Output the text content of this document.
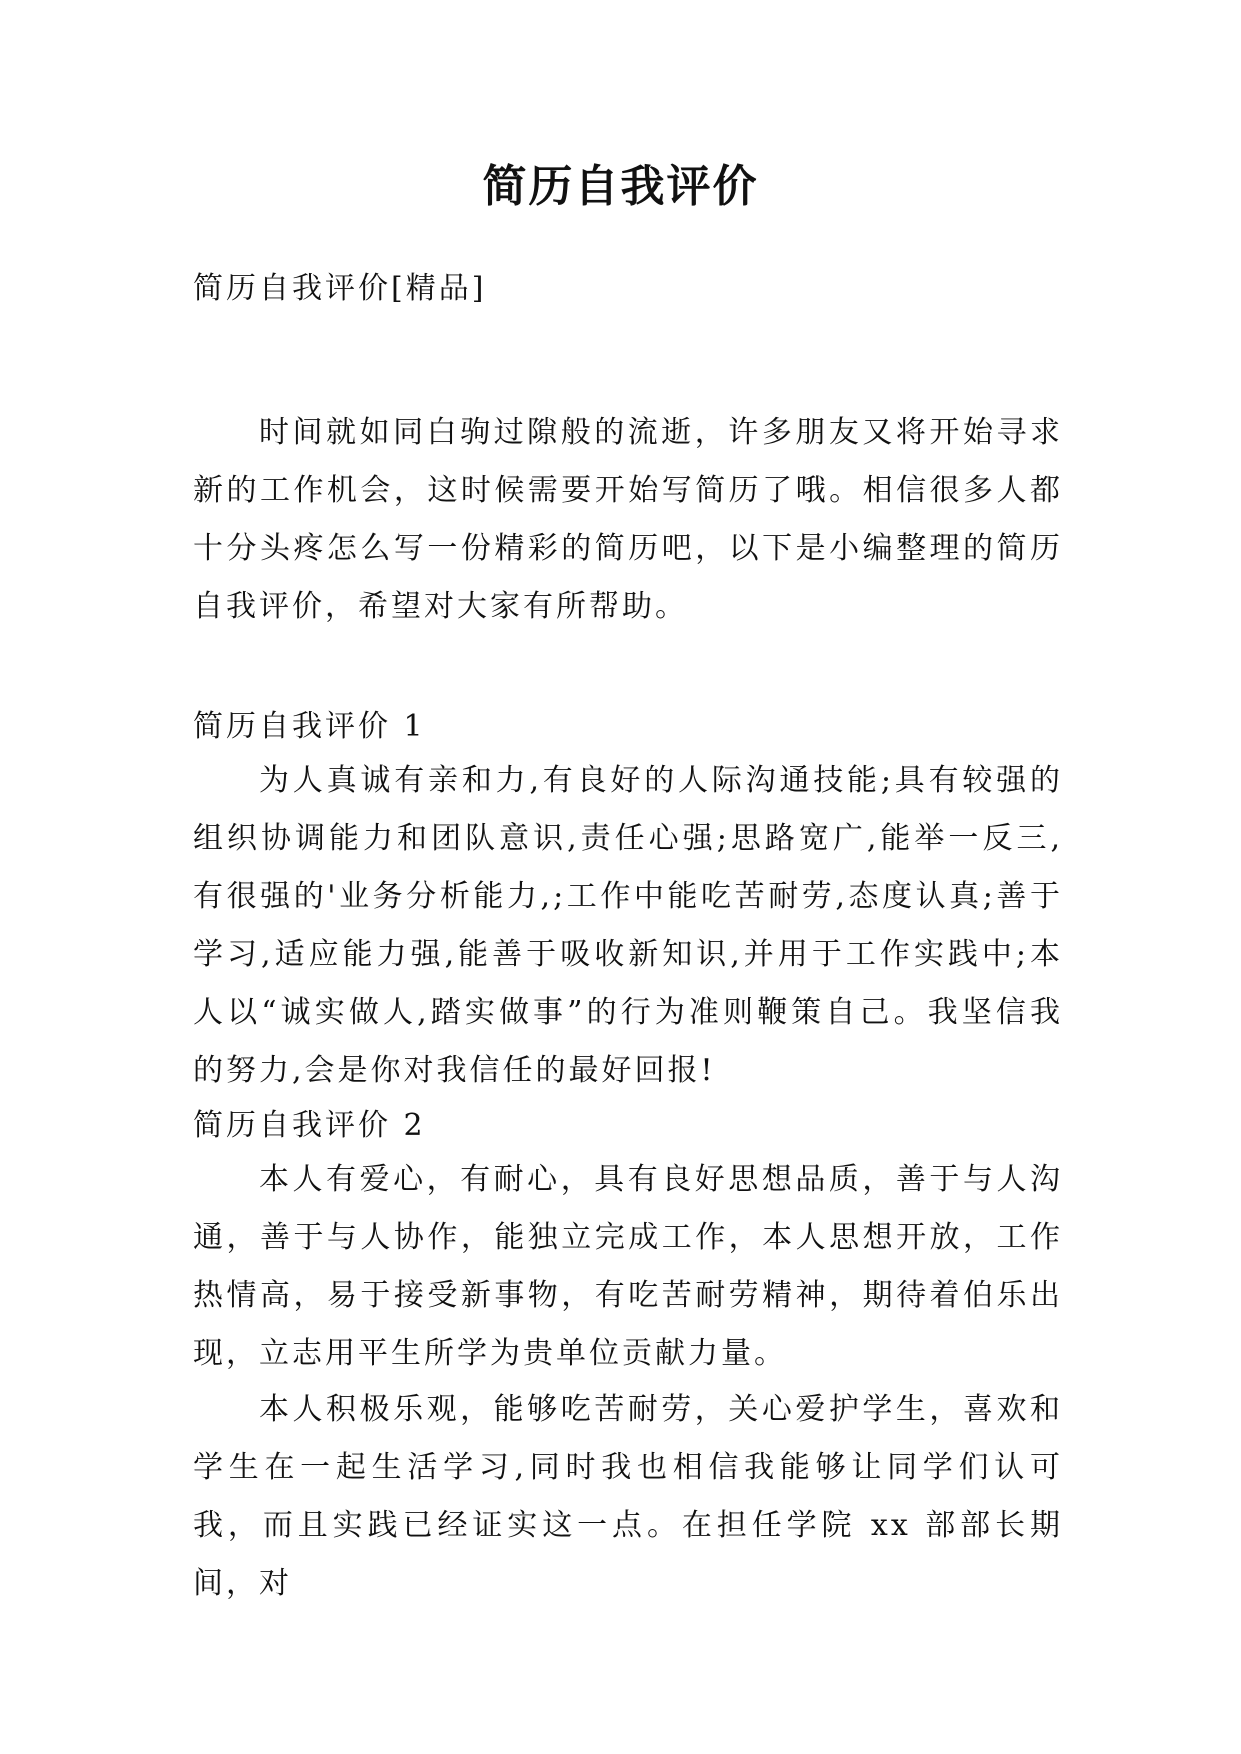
简历自我评价

简历自我评价[精品]

时间就如同白驹过隙般的流逝，许多朋友又将开始寻求新的工作机会，这时候需要开始写简历了哦。相信很多人都十分头疼怎么写一份精彩的简历吧，以下是小编整理的简历自我评价，希望对大家有所帮助。

简历自我评价 1

为人真诚有亲和力,有良好的人际沟通技能;具有较强的组织协调能力和团队意识,责任心强;思路宽广,能举一反三,有很强的'业务分析能力,;工作中能吃苦耐劳,态度认真;善于学习,适应能力强,能善于吸收新知识,并用于工作实践中;本人以“诚实做人,踏实做事”的行为准则鞭策自己。我坚信我的努力,会是你对我信任的最好回报!

简历自我评价 2

本人有爱心，有耐心，具有良好思想品质，善于与人沟通，善于与人协作，能独立完成工作，本人思想开放，工作热情高，易于接受新事物，有吃苦耐劳精神，期待着伯乐出现，立志用平生所学为贵单位贡献力量。

本人积极乐观，能够吃苦耐劳，关心爱护学生，喜欢和学生在一起生活学习,同时我也相信我能够让同学们认可我，而且实践已经证实这一点。在担任学院 xx 部部长期间，对
